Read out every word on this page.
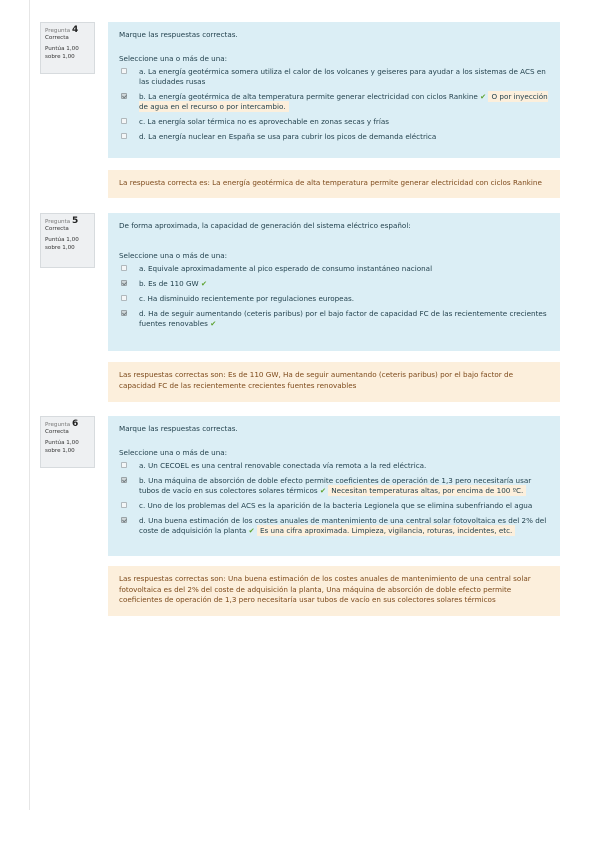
Pregunta 4
Correcta
Puntúa 1,00
sobre 1,00
Marque las respuestas correctas.
Seleccione una o más de una:
a. La energía geotérmica somera utiliza el calor de los volcanes y geiseres para ayudar a los sistemas de ACS en las ciudades rusas
b. La energía geotérmica de alta temperatura permite generar electricidad con ciclos Rankine ✔ O por inyección de agua en el recurso o por intercambio.
c. La energía solar térmica no es aprovechable en zonas secas y frías
d. La energía nuclear en España se usa para cubrir los picos de demanda eléctrica
La respuesta correcta es: La energía geotérmica de alta temperatura permite generar electricidad con ciclos Rankine
Pregunta 5
Correcta
Puntúa 1,00
sobre 1,00
De forma aproximada, la capacidad de generación del sistema eléctrico español:
Seleccione una o más de una:
a. Equivale aproximadamente al pico esperado de consumo instantáneo nacional
b. Es de 110 GW ✔
c. Ha disminuido recientemente por regulaciones europeas.
d. Ha de seguir aumentando (ceteris paribus) por el bajo factor de capacidad FC de las recientemente crecientes fuentes renovables ✔
Las respuestas correctas son: Es de 110 GW, Ha de seguir aumentando (ceteris paribus) por el bajo factor de capacidad FC de las recientemente crecientes fuentes renovables
Pregunta 6
Correcta
Puntúa 1,00
sobre 1,00
Marque las respuestas correctas.
Seleccione una o más de una:
a. Un CECOEL es una central renovable conectada vía remota a la red eléctrica.
b. Una máquina de absorción de doble efecto permite coeficientes de operación de 1,3 pero necesitaría usar tubos de vacío en sus colectores solares térmicos ✔ Necesitan temperaturas altas, por encima de 100 ºC.
c. Uno de los problemas del ACS es la aparición de la bacteria Legionela que se elimina subenfriando el agua
d. Una buena estimación de los costes anuales de mantenimiento de una central solar fotovoltaica es del 2% del coste de adquisición la planta ✔ Es una cifra aproximada. Limpieza, vigilancia, roturas, incidentes, etc.
Las respuestas correctas son: Una buena estimación de los costes anuales de mantenimiento de una central solar fotovoltaica es del 2% del coste de adquisición la planta, Una máquina de absorción de doble efecto permite coeficientes de operación de 1,3 pero necesitaría usar tubos de vacío en sus colectores solares térmicos
